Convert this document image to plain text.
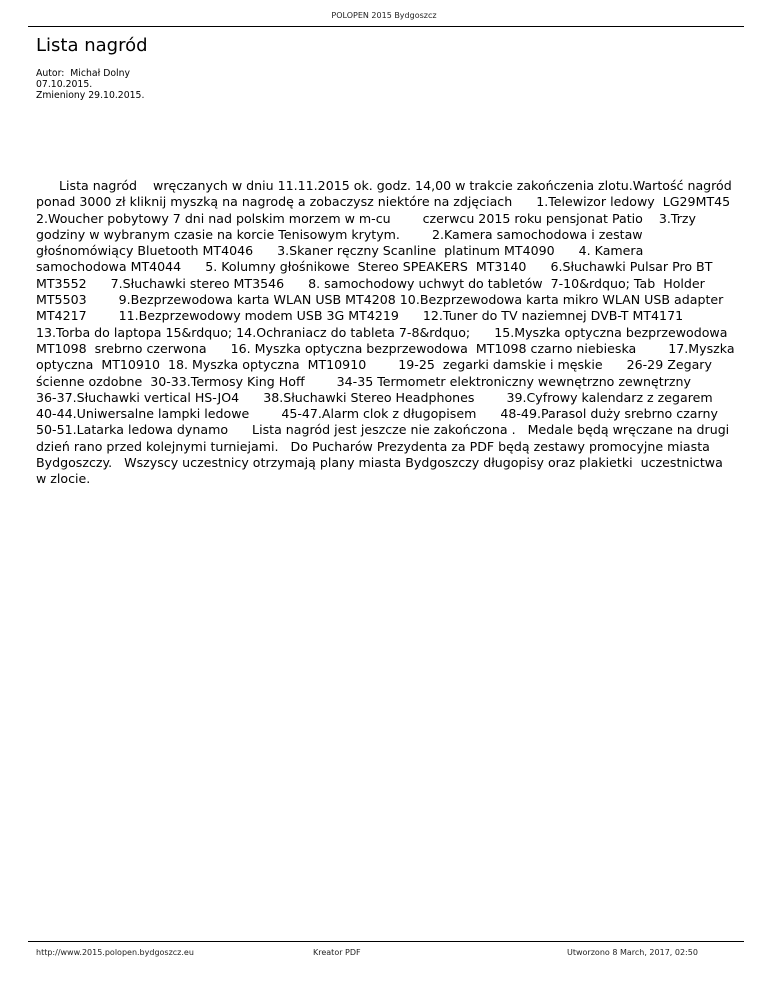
POLOPEN 2015 Bydgoszcz
Lista nagród
Autor:  Michał Dolny
07.10.2015.
Zmieniony 29.10.2015.

Lista nagród    wręczanych w dniu 11.11.2015 ok. godz. 14,00 w trakcie zakończenia zlotu.Wartość nagród ponad 3000 zł kliknij myszką na nagrodę a zobaczysz niektóre na zdjęciach      1.Telewizor ledowy  LG29MT45 2.Woucher pobytowy 7 dni nad polskim morzem w m-cu        czerwcu 2015 roku pensjonat Patio    3.Trzy godziny w wybranym czasie na korcie Tenisowym krytym.        2.Kamera samochodowa i zestaw głośnomówiący Bluetooth MT4046      3.Skaner ręczny Scanline  platinum MT4090      4. Kamera samochodowa MT4044      5. Kolumny głośnikowe  Stereo SPEAKERS  MT3140      6.Słuchawki Pulsar Pro BT  MT3552      7.Słuchawki stereo MT3546      8. samochodowy uchwyt do tabletów  7-10&rdquo; Tab  Holder MT5503        9.Bezprzewodowa karta WLAN USB MT4208 10.Bezprzewodowa karta mikro WLAN USB adapter MT4217        11.Bezprzewodowy modem USB 3G MT4219      12.Tuner do TV naziemnej DVB-T MT4171        13.Torba do laptopa 15&rdquo; 14.Ochraniacz do tableta 7-8&rdquo;      15.Myszka optyczna bezprzewodowa  MT1098  srebrno czerwona      16. Myszka optyczna bezprzewodowa  MT1098 czarno niebieska        17.Myszka optyczna  MT10910  18. Myszka optyczna  MT10910        19-25  zegarki damskie i męskie      26-29 Zegary ścienne ozdobne  30-33.Termosy King Hoff        34-35 Termometr elektroniczny wewnętrzno zewnętrzny        36-37.Słuchawki vertical HS-JO4      38.Słuchawki Stereo Headphones        39.Cyfrowy kalendarz z zegarem 40-44.Uniwersalne lampki ledowe        45-47.Alarm clok z długopisem      48-49.Parasol duży srebrno czarny      50-51.Latarka ledowa dynamo      Lista nagród jest jeszcze nie zakończona .   Medale będą wręczane na drugi dzień rano przed kolejnymi turniejami.   Do Pucharów Prezydenta za PDF będą zestawy promocyjne miasta Bydgoszczy.   Wszyscy uczestnicy otrzymają plany miasta Bydgoszczy długopisy oraz plakietki  uczestnictwa w zlocie.

http://www.2015.polopen.bydgoszcz.eu	Kreator PDF	Utworzono 8 March, 2017, 02:50
